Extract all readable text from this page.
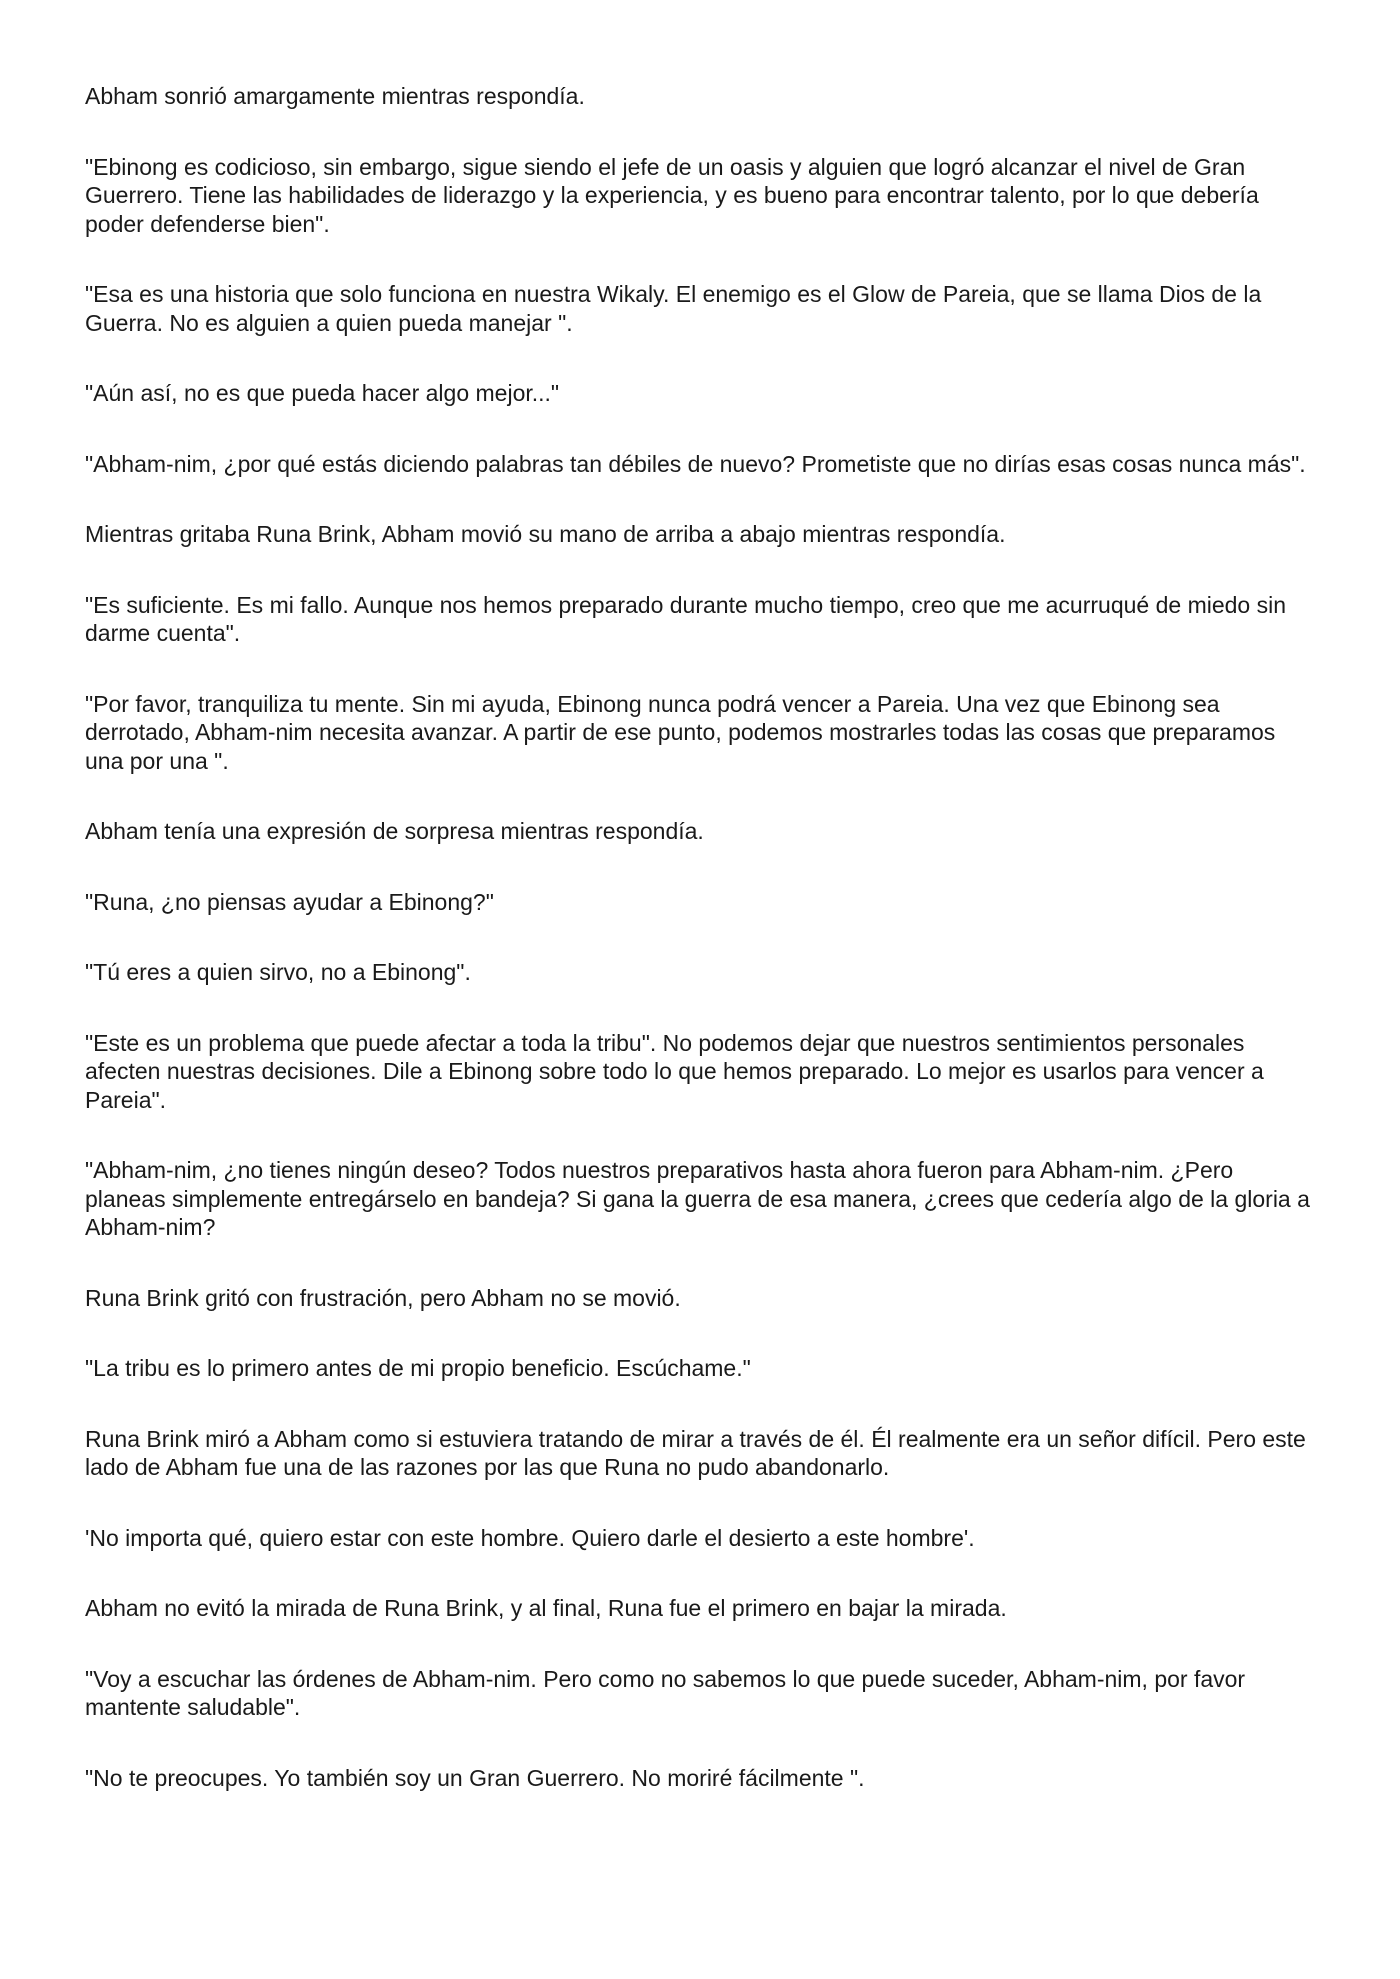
Abham sonrió amargamente mientras respondía.

"Ebinong es codicioso, sin embargo, sigue siendo el jefe de un oasis y alguien que logró alcanzar el nivel de Gran Guerrero. Tiene las habilidades de liderazgo y la experiencia, y es bueno para encontrar talento, por lo que debería poder defenderse bien".

"Esa es una historia que solo funciona en nuestra Wikaly. El enemigo es el Glow de Pareia, que se llama Dios de la Guerra. No es alguien a quien pueda manejar ".

"Aún así, no es que pueda hacer algo mejor..."

"Abham-nim, ¿por qué estás diciendo palabras tan débiles de nuevo? Prometiste que no dirías esas cosas nunca más".

Mientras gritaba Runa Brink, Abham movió su mano de arriba a abajo mientras respondía.

"Es suficiente. Es mi fallo. Aunque nos hemos preparado durante mucho tiempo, creo que me acurruqué de miedo sin darme cuenta".

"Por favor, tranquiliza tu mente. Sin mi ayuda, Ebinong nunca podrá vencer a Pareia. Una vez que Ebinong sea derrotado, Abham-nim necesita avanzar. A partir de ese punto, podemos mostrarles todas las cosas que preparamos una por una ".

Abham tenía una expresión de sorpresa mientras respondía.

"Runa, ¿no piensas ayudar a Ebinong?"

"Tú eres a quien sirvo, no a Ebinong".

"Este es un problema que puede afectar a toda la tribu". No podemos dejar que nuestros sentimientos personales afecten nuestras decisiones. Dile a Ebinong sobre todo lo que hemos preparado. Lo mejor es usarlos para vencer a Pareia".

"Abham-nim, ¿no tienes ningún deseo? Todos nuestros preparativos hasta ahora fueron para Abham-nim. ¿Pero planeas simplemente entregárselo en bandeja? Si gana la guerra de esa manera, ¿crees que cedería algo de la gloria a Abham-nim?

Runa Brink gritó con frustración, pero Abham no se movió.

"La tribu es lo primero antes de mi propio beneficio. Escúchame."

Runa Brink miró a Abham como si estuviera tratando de mirar a través de él. Él realmente era un señor difícil. Pero este lado de Abham fue una de las razones por las que Runa no pudo abandonarlo.

'No importa qué, quiero estar con este hombre. Quiero darle el desierto a este hombre'.

Abham no evitó la mirada de Runa Brink, y al final, Runa fue el primero en bajar la mirada.

"Voy a escuchar las órdenes de Abham-nim. Pero como no sabemos lo que puede suceder, Abham-nim, por favor mantente saludable".

"No te preocupes. Yo también soy un Gran Guerrero. No moriré fácilmente ".
